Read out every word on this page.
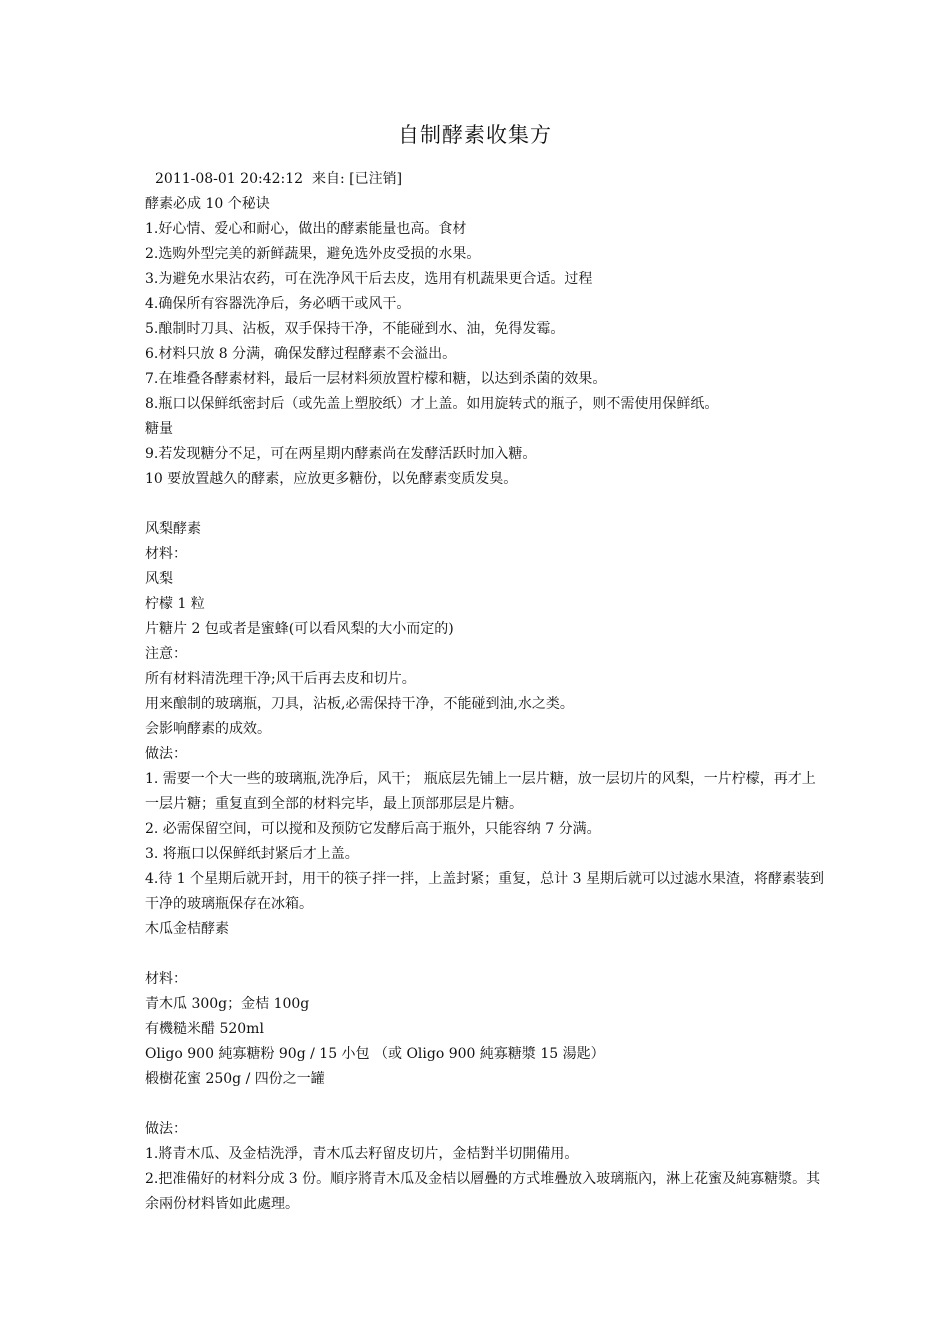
自制酵素收集方
2011-08-01 20:42:12 来自: [已注销]
酵素必成 10 个秘诀
1.好心情、爱心和耐心，做出的酵素能量也高。食材
2.选购外型完美的新鲜蔬果，避免选外皮受损的水果。
3.为避免水果沾农药，可在洗净风干后去皮，选用有机蔬果更合适。过程
4.确保所有容器洗净后，务必晒干或风干。
5.酿制时刀具、沾板，双手保持干净，不能碰到水、油，免得发霉。
6.材料只放 8 分满，确保发酵过程酵素不会溢出。
7.在堆叠各酵素材料，最后一层材料须放置柠檬和糖，以达到杀菌的效果。
8.瓶口以保鲜纸密封后（或先盖上塑胶纸）才上盖。如用旋转式的瓶子，则不需使用保鲜纸。
糖量
9.若发现糖分不足，可在两星期内酵素尚在发酵活跃时加入糖。
10 要放置越久的酵素，应放更多糖份，以免酵素变质发臭。
风梨酵素
材料：
风梨
柠檬 1 粒
片糖片 2 包或者是蜜蜂(可以看风梨的大小而定的)
注意：
所有材料清洗理干净;风干后再去皮和切片。
用来酿制的玻璃瓶，刀具，沾板,必需保持干净，不能碰到油,水之类。
会影响酵素的成效。
做法：
1. 需要一个大一些的玻璃瓶,洗净后，风干； 瓶底层先铺上一层片糖，放一层切片的风梨，一片柠檬，再才上一层片糖；重复直到全部的材料完毕，最上顶部那层是片糖。
2. 必需保留空间，可以搅和及预防它发酵后高于瓶外，只能容纳 7 分满。
3. 将瓶口以保鲜纸封紧后才上盖。
4.待 1 个星期后就开封，用干的筷子拌一拌，上盖封紧；重复，总计 3 星期后就可以过滤水果渣，将酵素装到干净的玻璃瓶保存在冰箱。
木瓜金桔酵素
材料：
青木瓜 300g；金桔 100g
有機糙米醋 520ml
Oligo 900 純寡糖粉 90g / 15 小包 （或 Oligo 900 純寡糖漿 15 湯匙）
椴樹花蜜 250g / 四份之一罐
做法：
1.將青木瓜、及金桔洗淨，青木瓜去籽留皮切片，金桔對半切開備用。
2.把准備好的材料分成 3 份。順序將青木瓜及金桔以層疊的方式堆疊放入玻璃瓶內，淋上花蜜及純寡糖漿。其余兩份材料皆如此處理。
